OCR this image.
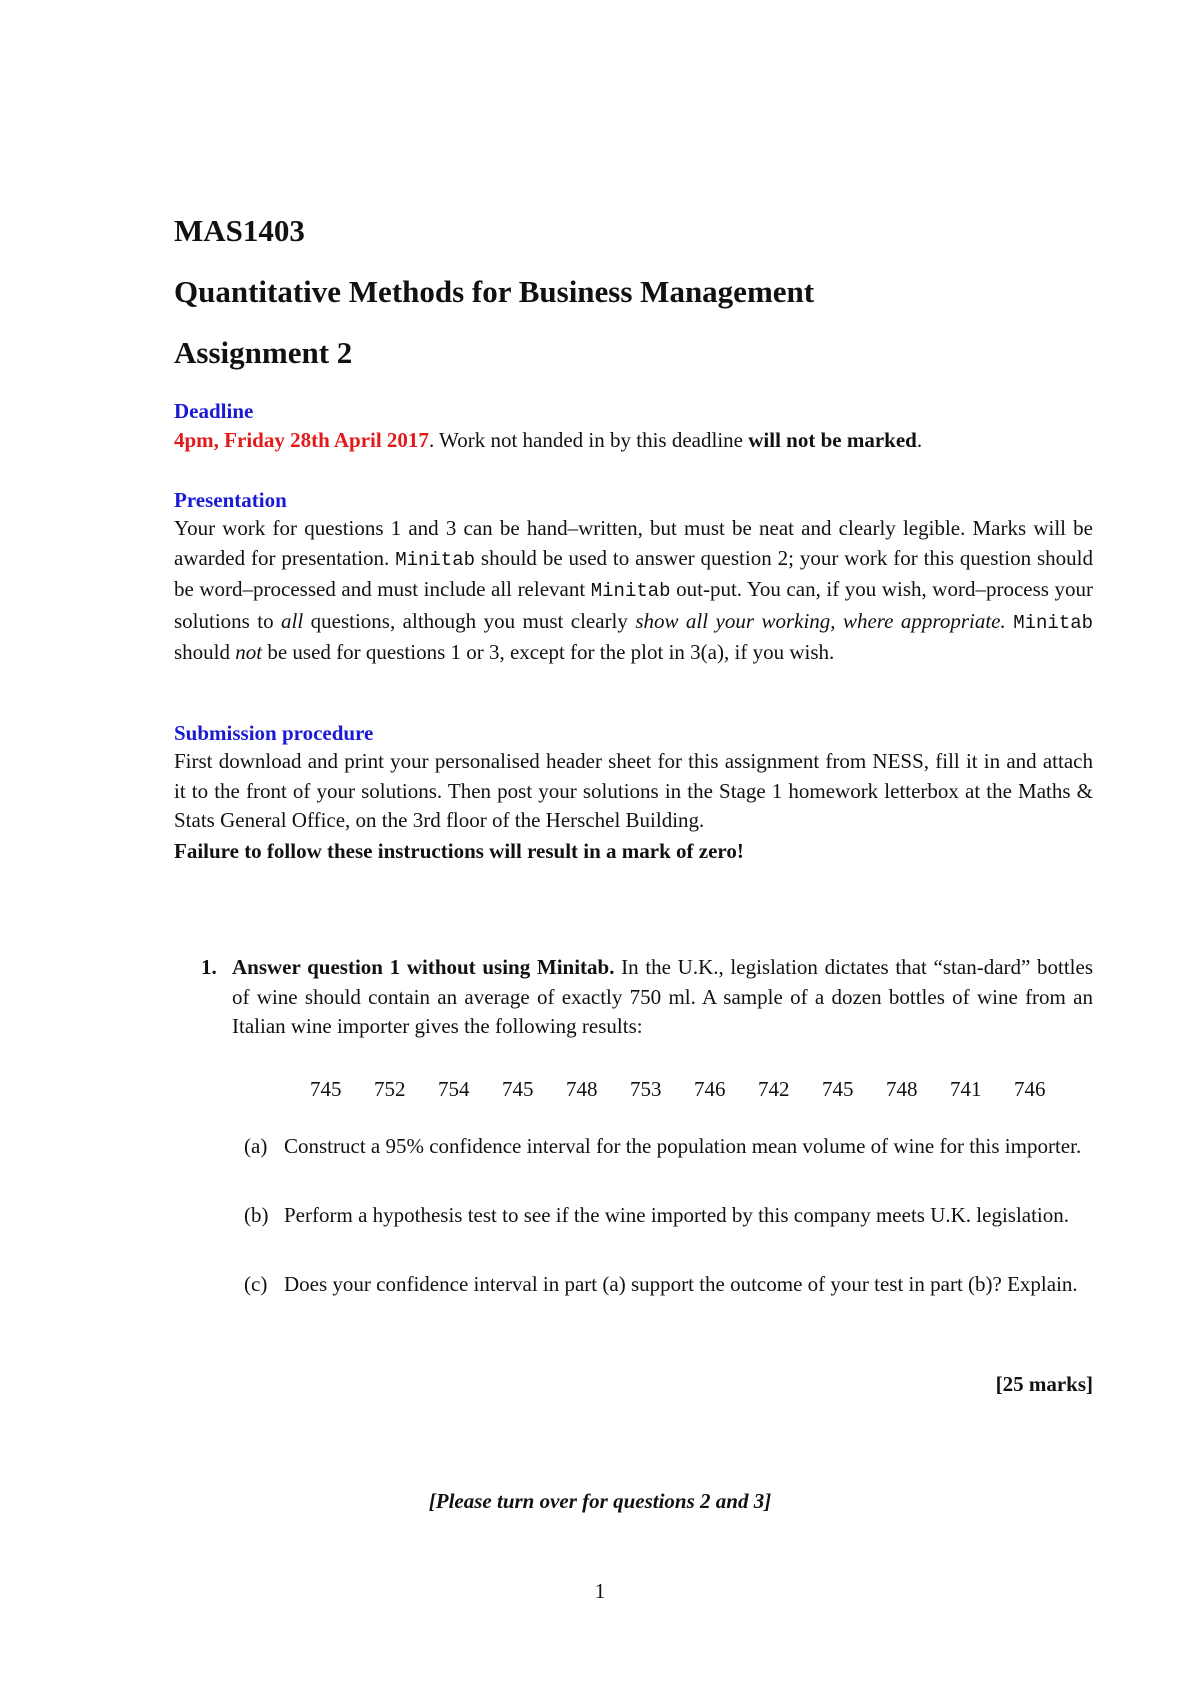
MAS1403
Quantitative Methods for Business Management
Assignment 2
Deadline
4pm, Friday 28th April 2017. Work not handed in by this deadline will not be marked.
Presentation
Your work for questions 1 and 3 can be hand–written, but must be neat and clearly legible. Marks will be awarded for presentation. Minitab should be used to answer question 2; your work for this question should be word–processed and must include all relevant Minitab out-put. You can, if you wish, word–process your solutions to all questions, although you must clearly show all your working, where appropriate. Minitab should not be used for questions 1 or 3, except for the plot in 3(a), if you wish.
Submission procedure
First download and print your personalised header sheet for this assignment from NESS, fill it in and attach it to the front of your solutions. Then post your solutions in the Stage 1 homework letterbox at the Maths & Stats General Office, on the 3rd floor of the Herschel Building.
Failure to follow these instructions will result in a mark of zero!
1. Answer question 1 without using Minitab. In the U.K., legislation dictates that “stan-dard” bottles of wine should contain an average of exactly 750 ml. A sample of a dozen bottles of wine from an Italian wine importer gives the following results:
745	752	754	745	748	753	746	742	745	748	741	746
(a) Construct a 95% confidence interval for the population mean volume of wine for this importer.
(b) Perform a hypothesis test to see if the wine imported by this company meets U.K. legislation.
(c) Does your confidence interval in part (a) support the outcome of your test in part (b)? Explain.
[25 marks]
[Please turn over for questions 2 and 3]
1
